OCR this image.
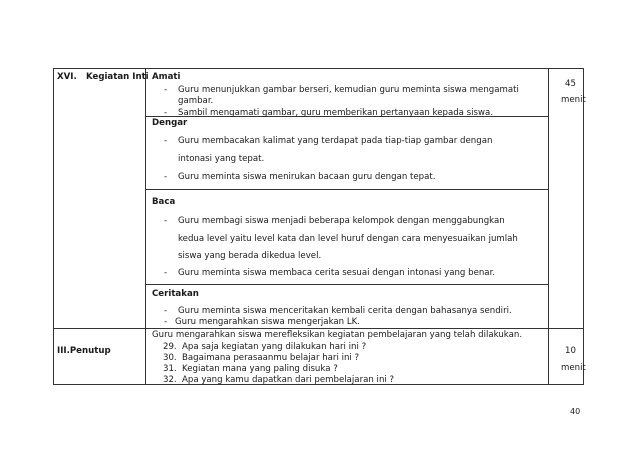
XVI. Kegiatan Inti Amati
- Guru menunjukkan gambar berseri, kemudian guru meminta siswa mengamati
gambar.
- Sambil mengamati gambar, guru memberikan pertanyaan kepada siswa.
Dengar
- Guru membacakan kalimat yang terdapat pada tiap-tiap gambar dengan
intonasi yang tepat.
- Guru meminta siswa menirukan bacaan guru dengan tepat.
Baca
- Guru membagi siswa menjadi beberapa kelompok dengan menggabungkan
kedua level yaitu level kata dan level huruf dengan cara menyesuaikan jumlah
siswa yang berada dikedua level.
- Guru meminta siswa membaca cerita sesuai dengan intonasi yang benar.
Ceritakan
- Guru meminta siswa menceritakan kembali cerita dengan bahasanya sendiri.
- Guru mengarahkan siswa mengerjakan LK.
45
menit
III.Penutup
Guru mengarahkan siswa merefleksikan kegiatan pembelajaran yang telah dilakukan.
29. Apa saja kegiatan yang dilakukan hari ini ?
30. Bagaimana perasaanmu belajar hari ini ?
31. Kegiatan mana yang paling disuka ?
32. Apa yang kamu dapatkan dari pembelajaran ini ?
10
menit
40
